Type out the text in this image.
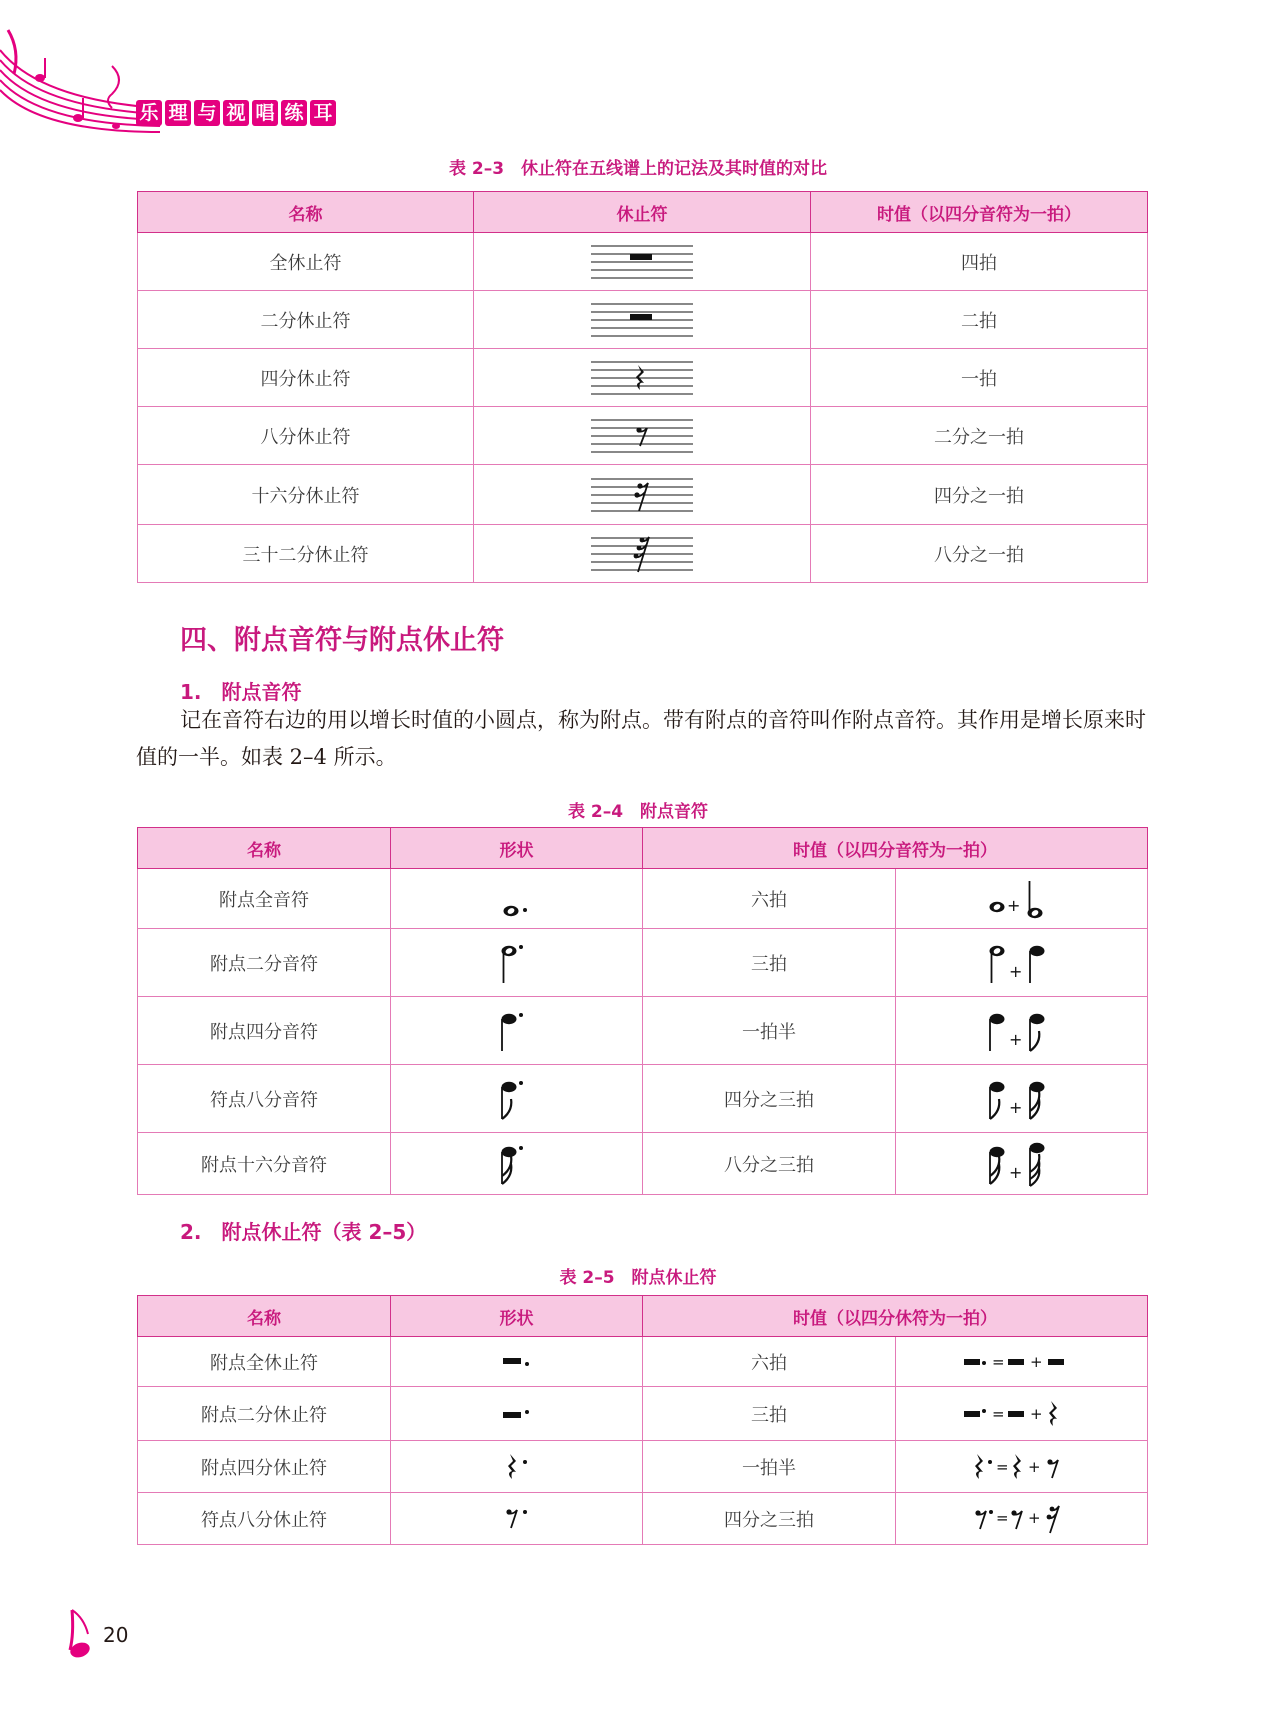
乐 理 与 视 唱 练 耳
表 2–3　休止符在五线谱上的记法及其时值的对比
名称	休止符	时值（以四分音符为一拍）
全休止符		四拍
二分休止符		二拍
四分休止符		一拍
八分休止符		二分之一拍
十六分休止符		四分之一拍
三十二分休止符		八分之一拍
四、附点音符与附点休止符
1.　附点音符

记在音符右边的用以增长时值的小圆点，称为附点。带有附点的音符叫作附点音符。其作用是增长原来时值的一半。如表 2–4 所示。

表 2–4　附点音符
名称	形状	时值（以四分音符为一拍）	
附点全音符		六拍	+

附点二分音符		三拍	+

附点四分音符		一拍半	+

符点八分音符		四分之三拍	+

附点十六分音符		八分之三拍	+
2.　附点休止符（表 2–5）
表 2–5　附点休止符
名称	形状	时值（以四分休符为一拍）	
附点全休止符		六拍	= +

附点二分休止符		三拍	= +

附点四分休止符		一拍半	= +

符点八分休止符		四分之三拍	= +
20
